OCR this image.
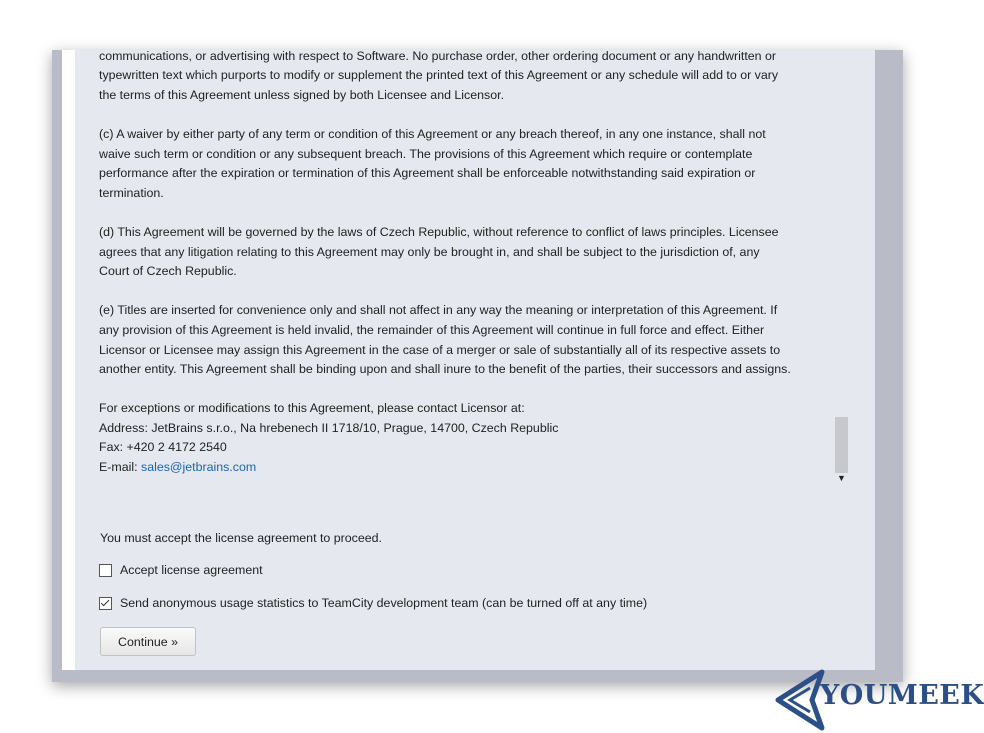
communications, or advertising with respect to Software. No purchase order, other ordering document or any handwritten or
typewritten text which purports to modify or supplement the printed text of this Agreement or any schedule will add to or vary
the terms of this Agreement unless signed by both Licensee and Licensor.

(c) A waiver by either party of any term or condition of this Agreement or any breach thereof, in any one instance, shall not
waive such term or condition or any subsequent breach. The provisions of this Agreement which require or contemplate
performance after the expiration or termination of this Agreement shall be enforceable notwithstanding said expiration or
termination.

(d) This Agreement will be governed by the laws of Czech Republic, without reference to conflict of laws principles. Licensee
agrees that any litigation relating to this Agreement may only be brought in, and shall be subject to the jurisdiction of, any
Court of Czech Republic.

(e) Titles are inserted for convenience only and shall not affect in any way the meaning or interpretation of this Agreement. If
any provision of this Agreement is held invalid, the remainder of this Agreement will continue in full force and effect. Either
Licensor or Licensee may assign this Agreement in the case of a merger or sale of substantially all of its respective assets to
another entity. This Agreement shall be binding upon and shall inure to the benefit of the parties, their successors and assigns.

For exceptions or modifications to this Agreement, please contact Licensor at:
Address: JetBrains s.r.o., Na hrebenech II 1718/10, Prague, 14700, Czech Republic
Fax: +420 2 4172 2540
E-mail: sales@jetbrains.com

▼
You must accept the license agreement to proceed.
Accept license agreement
Send anonymous usage statistics to TeamCity development team (can be turned off at any time)
Continue »
YOUMEEK
